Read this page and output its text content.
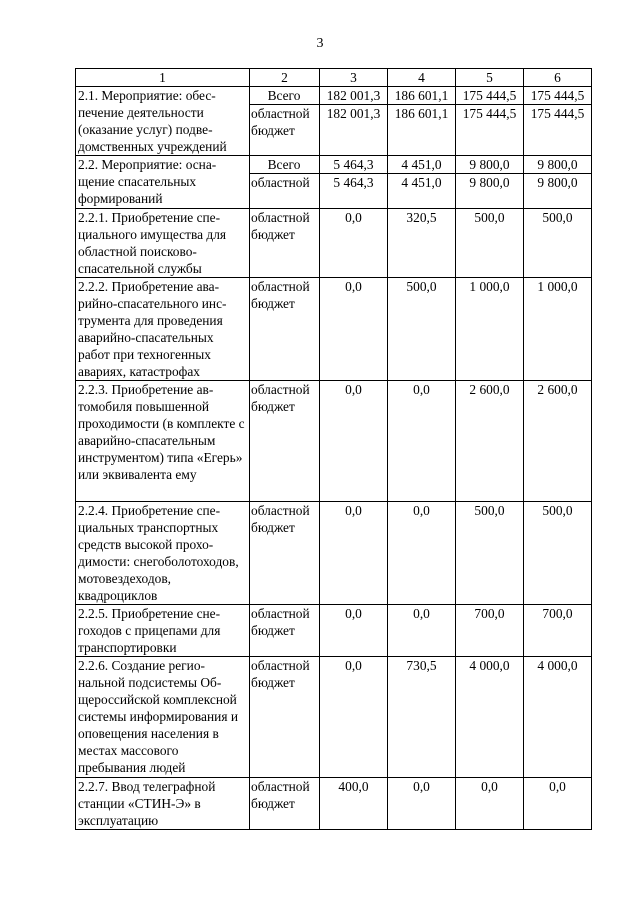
3
1	2	3	4	5	6
2.1. Мероприятие: обеспечение деятельности (оказание услуг) подведомственных учреждений	Всего	182 001,3	186 601,1	175 444,5	175 444,5
	областной бюджет	182 001,3	186 601,1	175 444,5	175 444,5
2.2. Мероприятие: оснащение спасательных формирований	Всего	5 464,3	4 451,0	9 800,0	9 800,0
	областной	5 464,3	4 451,0	9 800,0	9 800,0
2.2.1. Приобретение специального имущества для областной поисково-спасательной службы	областной бюджет	0,0	320,5	500,0	500,0
2.2.2. Приобретение аварийно-спасательного инструмента для проведения аварийно-спасательных работ при техногенных авариях, катастрофах	областной бюджет	0,0	500,0	1 000,0	1 000,0
2.2.3. Приобретение автомобиля повышенной проходимости (в комплекте с аварийно-спасательным инструментом) типа «Егерь» или эквивалента ему	областной бюджет	0,0	0,0	2 600,0	2 600,0
2.2.4. Приобретение специальных транспортных средств высокой проходимости: снегоболотоходов, мотовездеходов, квадроциклов	областной бюджет	0,0	0,0	500,0	500,0
2.2.5. Приобретение снегоходов с прицепами для транспортировки	областной бюджет	0,0	0,0	700,0	700,0
2.2.6. Создание региональной подсистемы Общероссийской комплексной системы информирования и оповещения населения в местах массового пребывания людей	областной бюджет	0,0	730,5	4 000,0	4 000,0
2.2.7. Ввод телеграфной станции «СТИН-Э» в эксплуатацию	областной бюджет	400,0	0,0	0,0	0,0
